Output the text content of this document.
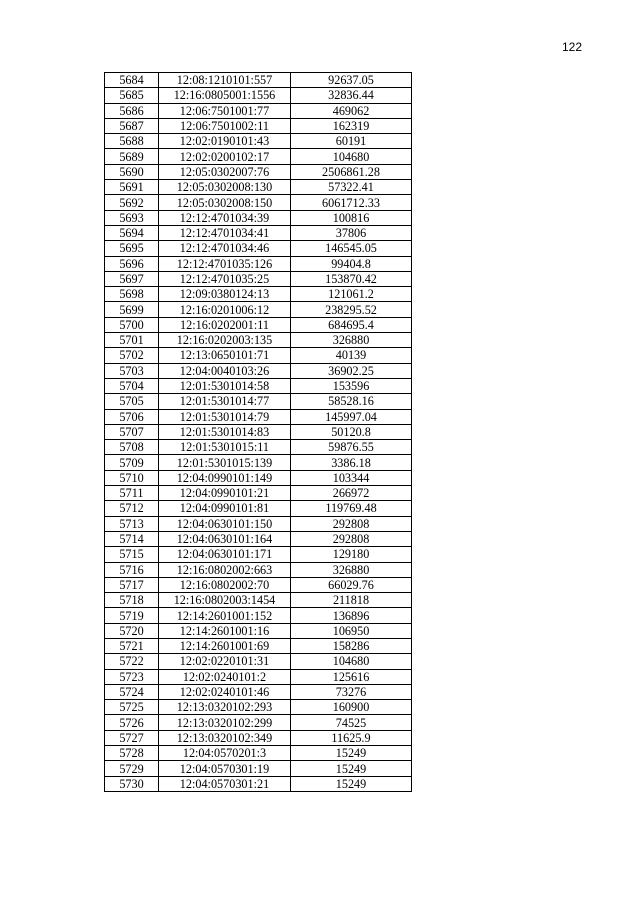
122
5684	12:08:1210101:557	92637.05
5685	12:16:0805001:1556	32836.44
5686	12:06:7501001:77	469062
5687	12:06:7501002:11	162319
5688	12:02:0190101:43	60191
5689	12:02:0200102:17	104680
5690	12:05:0302007:76	2506861.28
5691	12:05:0302008:130	57322.41
5692	12:05:0302008:150	6061712.33
5693	12:12:4701034:39	100816
5694	12:12:4701034:41	37806
5695	12:12:4701034:46	146545.05
5696	12:12:4701035:126	99404.8
5697	12:12:4701035:25	153870.42
5698	12:09:0380124:13	121061.2
5699	12:16:0201006:12	238295.52
5700	12:16:0202001:11	684695.4
5701	12:16:0202003:135	326880
5702	12:13:0650101:71	40139
5703	12:04:0040103:26	36902.25
5704	12:01:5301014:58	153596
5705	12:01:5301014:77	58528.16
5706	12:01:5301014:79	145997.04
5707	12:01:5301014:83	50120.8
5708	12:01:5301015:11	59876.55
5709	12:01:5301015:139	3386.18
5710	12:04:0990101:149	103344
5711	12:04:0990101:21	266972
5712	12:04:0990101:81	119769.48
5713	12:04:0630101:150	292808
5714	12:04:0630101:164	292808
5715	12:04:0630101:171	129180
5716	12:16:0802002:663	326880
5717	12:16:0802002:70	66029.76
5718	12:16:0802003:1454	211818
5719	12:14:2601001:152	136896
5720	12:14:2601001:16	106950
5721	12:14:2601001:69	158286
5722	12:02:0220101:31	104680
5723	12:02:0240101:2	125616
5724	12:02:0240101:46	73276
5725	12:13:0320102:293	160900
5726	12:13:0320102:299	74525
5727	12:13:0320102:349	11625.9
5728	12:04:0570201:3	15249
5729	12:04:0570301:19	15249
5730	12:04:0570301:21	15249
